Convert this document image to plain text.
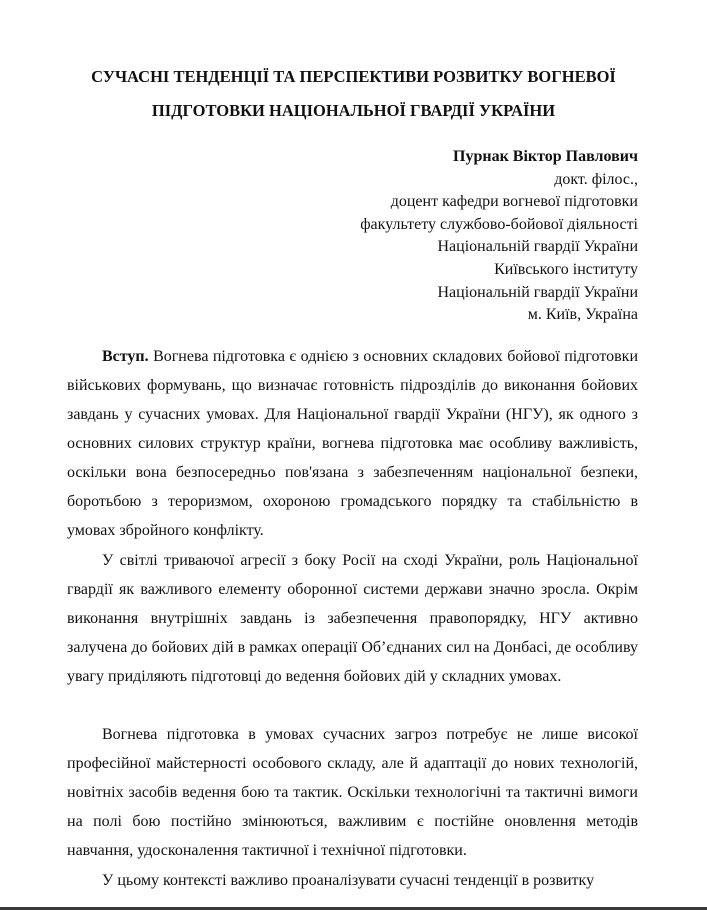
СУЧАСНІ ТЕНДЕНЦІЇ ТА ПЕРСПЕКТИВИ РОЗВИТКУ ВОГНЕВОЇ
ПІДГОТОВКИ НАЦІОНАЛЬНОЇ ГВАРДІЇ УКРАЇНИ
Пурнак Віктор Павлович
докт. філос.,
доцент кафедри вогневої підготовки
факультету службово-бойової діяльності
Національній гвардії України
Київського інституту
Національній гвардії України
м. Київ, Україна

Вступ. Вогнева підготовка є однією з основних складових бойової підготовки військових формувань, що визначає готовність підрозділів до виконання бойових завдань у сучасних умовах. Для Національної гвардії України (НГУ), як одного з основних силових структур країни, вогнева підготовка має особливу важливість, оскільки вона безпосередньо пов'язана з забезпеченням національної безпеки, боротьбою з тероризмом, охороною громадського порядку та стабільністю в умовах збройного конфлікту.

У світлі триваючої агресії з боку Росії на сході України, роль Національної гвардії як важливого елементу оборонної системи держави значно зросла. Окрім виконання внутрішніх завдань із забезпечення правопорядку, НГУ активно залучена до бойових дій в рамках операції Об’єднаних сил на Донбасі, де особливу увагу приділяють підготовці до ведення бойових дій у складних умовах.

Вогнева підготовка в умовах сучасних загроз потребує не лише високої професійної майстерності особового складу, але й адаптації до нових технологій, новітніх засобів ведення бою та тактик. Оскільки технологічні та тактичні вимоги на полі бою постійно змінюються, важливим є постійне оновлення методів навчання, удосконалення тактичної і технічної підготовки.

У цьому контексті важливо проаналізувати сучасні тенденції в розвитку
